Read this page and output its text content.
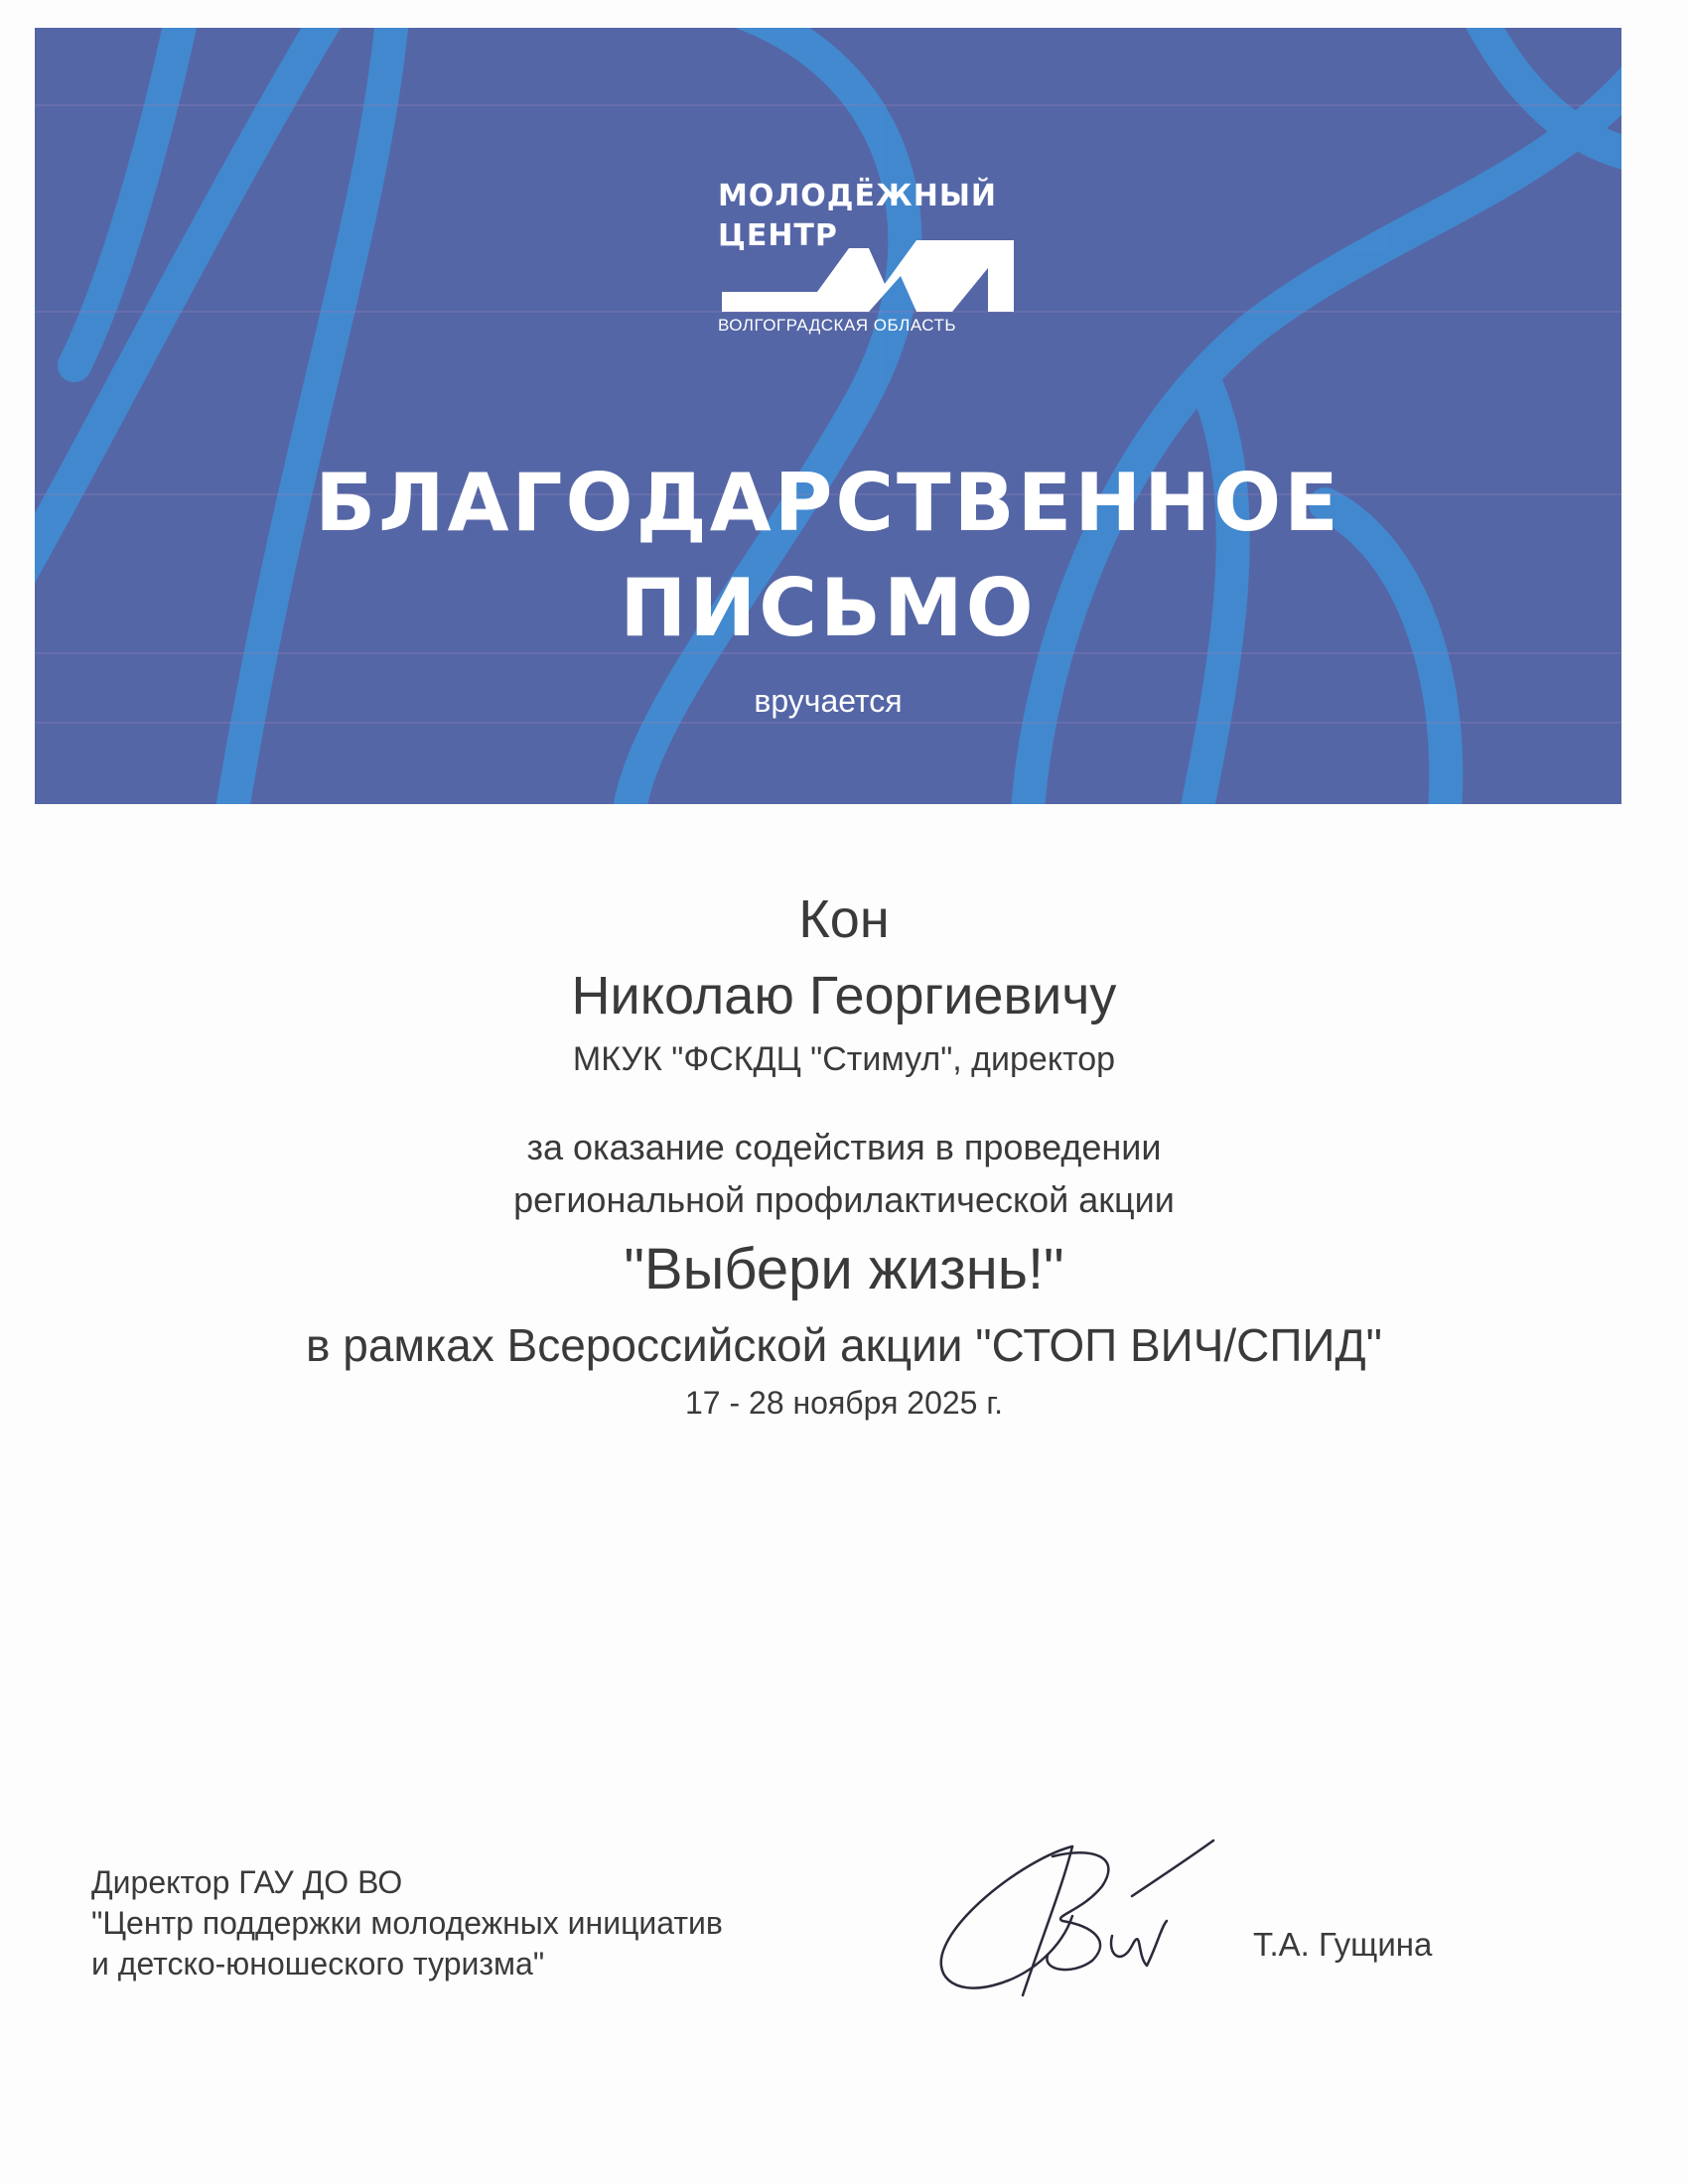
МОЛОДЁЖНЫЙ
ЦЕНТР
ВОЛГОГРАДСКАЯ ОБЛАСТЬ
БЛАГОДАРСТВЕННОЕ
ПИСЬМО
вручается
Кон
Николаю Георгиевичу
МКУК "ФСКДЦ "Стимул", директор
за оказание содействия в проведении
региональной профилактической акции
"Выбери жизнь!"
в рамках Всероссийской акции "СТОП ВИЧ/СПИД"
17 - 28 ноября 2025 г.
Директор ГАУ ДО ВО
"Центр поддержки молодежных инициатив
и детско-юношеского туризма"
Т.А. Гущина
